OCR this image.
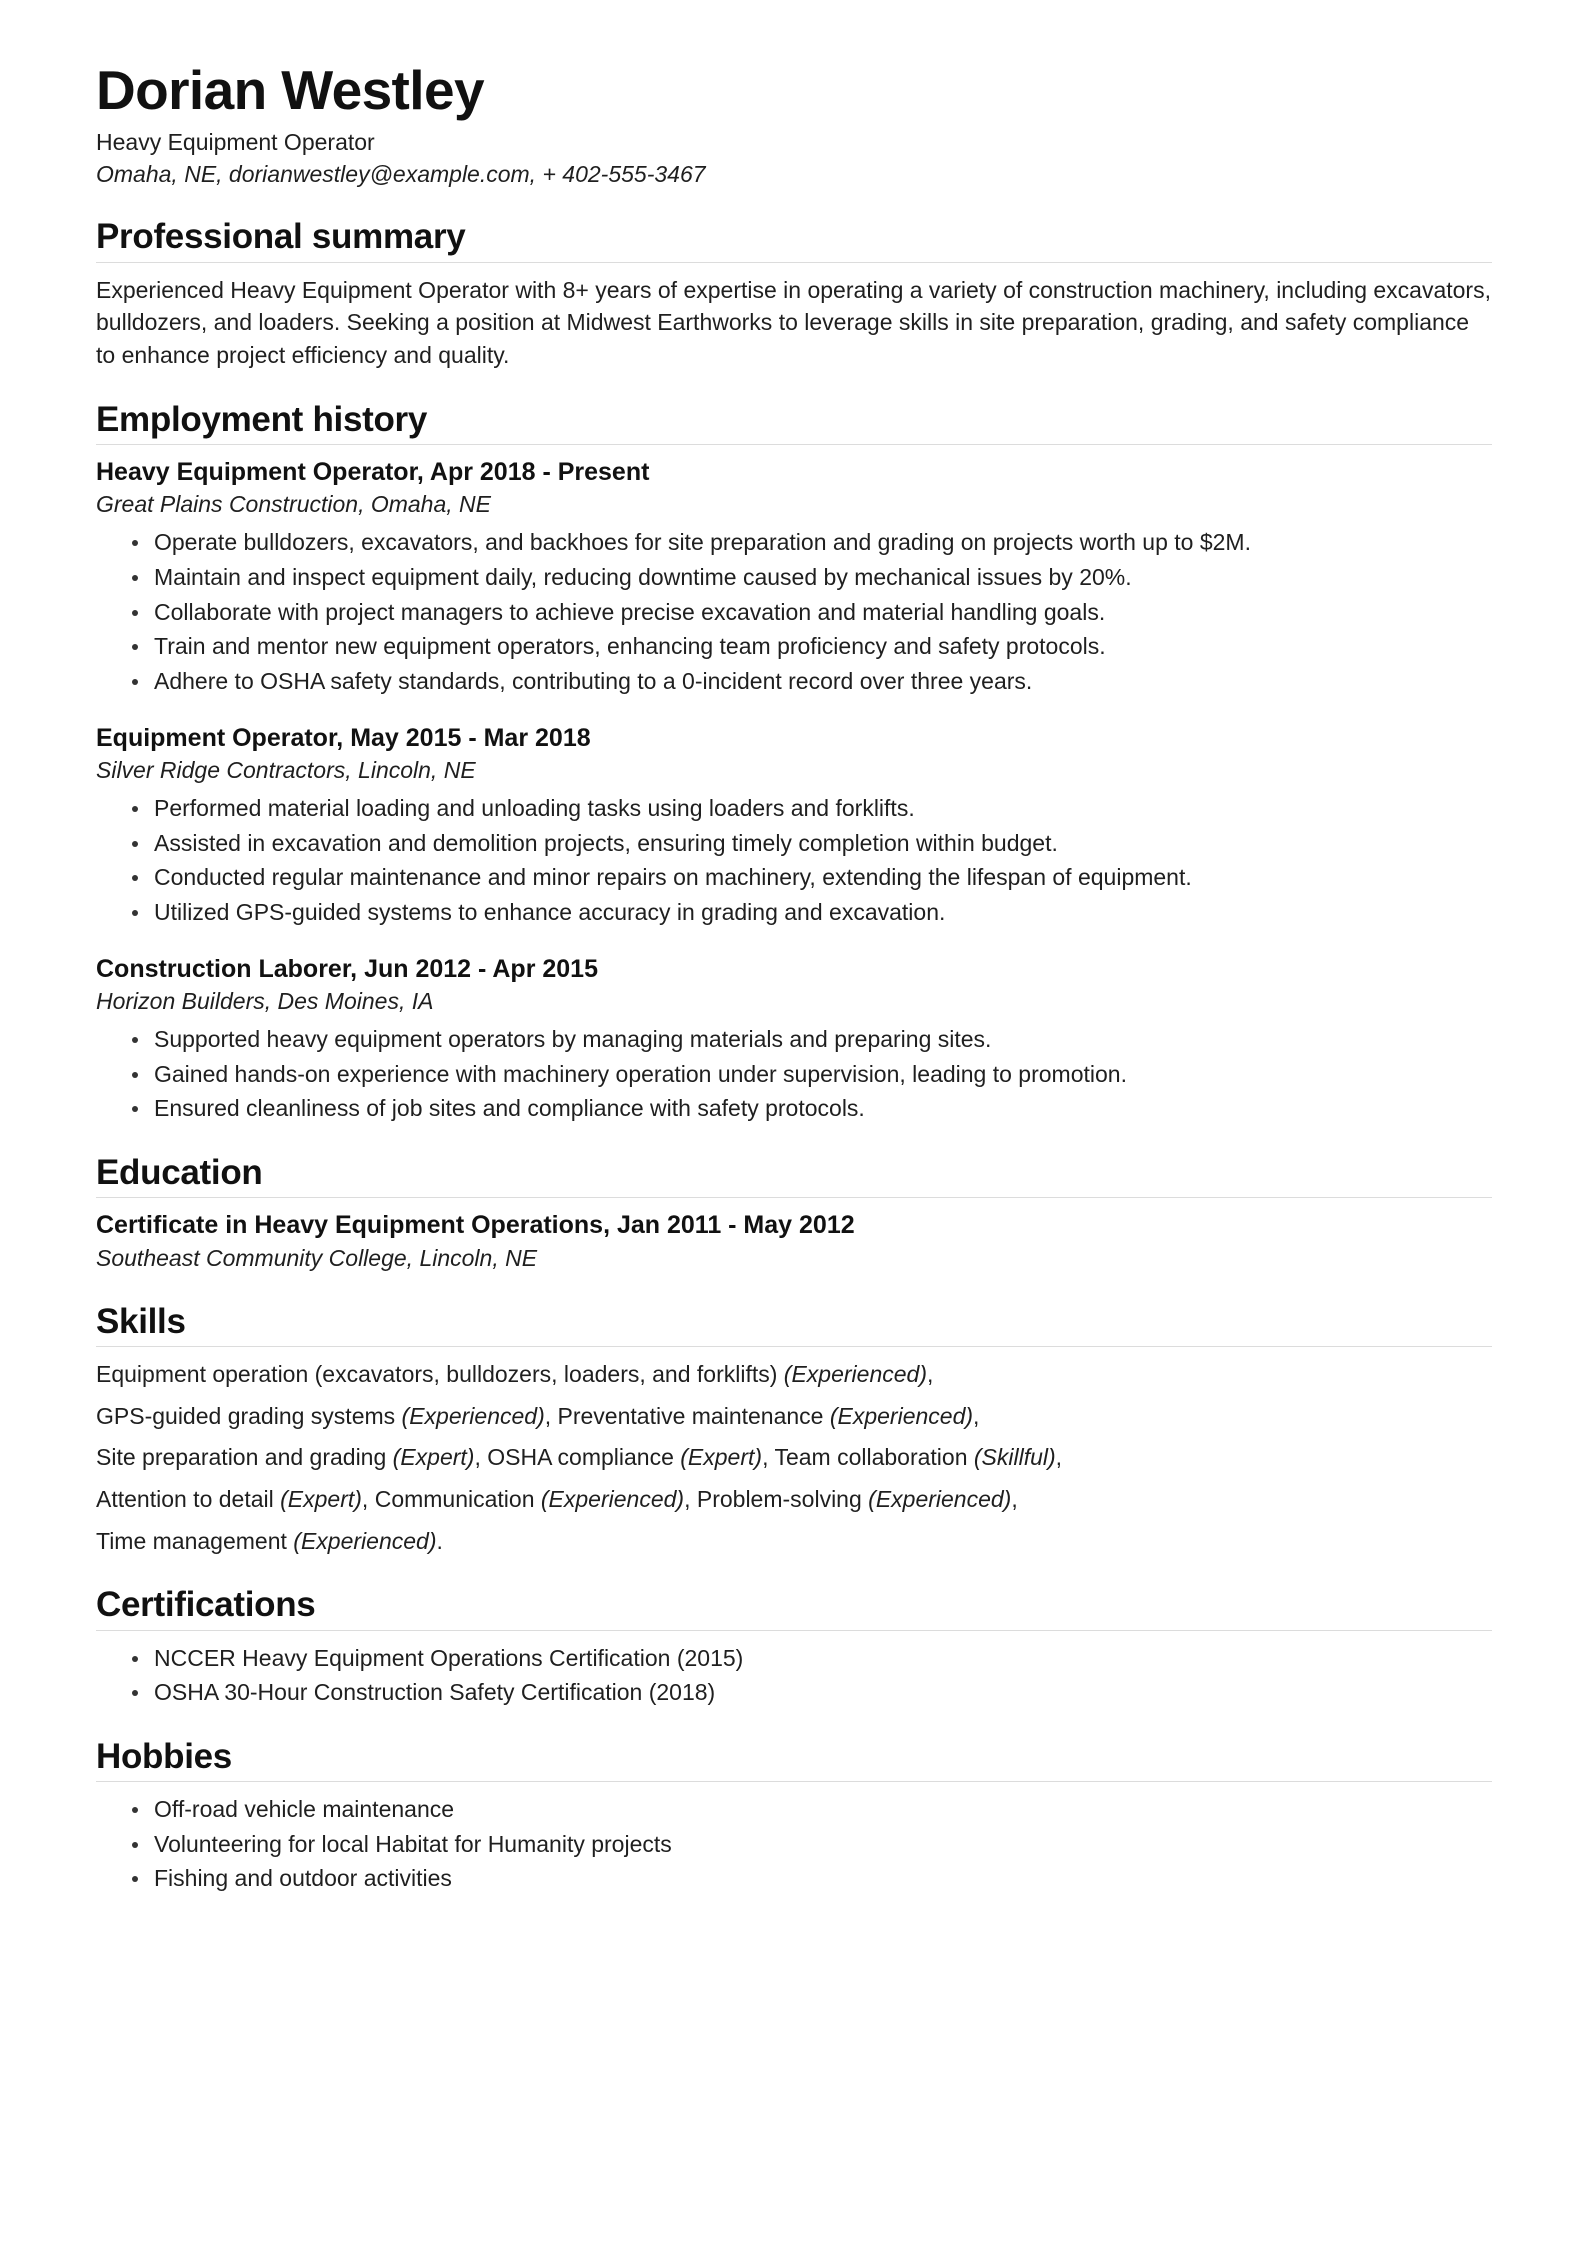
Dorian Westley
Heavy Equipment Operator
Omaha, NE, dorianwestley@example.com, + 402-555-3467
Professional summary

Experienced Heavy Equipment Operator with 8+ years of expertise in operating a variety of construction machinery, including excavators, bulldozers, and loaders. Seeking a position at Midwest Earthworks to leverage skills in site preparation, grading, and safety compliance to enhance project efficiency and quality.

Employment history
Heavy Equipment Operator, Apr 2018 - Present
Great Plains Construction, Omaha, NE
Operate bulldozers, excavators, and backhoes for site preparation and grading on projects worth up to $2M.
Maintain and inspect equipment daily, reducing downtime caused by mechanical issues by 20%.
Collaborate with project managers to achieve precise excavation and material handling goals.
Train and mentor new equipment operators, enhancing team proficiency and safety protocols.
Adhere to OSHA safety standards, contributing to a 0-incident record over three years.
Equipment Operator, May 2015 - Mar 2018
Silver Ridge Contractors, Lincoln, NE
Performed material loading and unloading tasks using loaders and forklifts.
Assisted in excavation and demolition projects, ensuring timely completion within budget.
Conducted regular maintenance and minor repairs on machinery, extending the lifespan of equipment.
Utilized GPS-guided systems to enhance accuracy in grading and excavation.
Construction Laborer, Jun 2012 - Apr 2015
Horizon Builders, Des Moines, IA
Supported heavy equipment operators by managing materials and preparing sites.
Gained hands-on experience with machinery operation under supervision, leading to promotion.
Ensured cleanliness of job sites and compliance with safety protocols.
Education
Certificate in Heavy Equipment Operations, Jan 2011 - May 2012
Southeast Community College, Lincoln, NE
Skills
Equipment operation (excavators, bulldozers, loaders, and forklifts) (Experienced),
GPS-guided grading systems (Experienced), Preventative maintenance (Experienced),
Site preparation and grading (Expert), OSHA compliance (Expert), Team collaboration (Skillful),
Attention to detail (Expert), Communication (Experienced), Problem-solving (Experienced),
Time management (Experienced).
Certifications
NCCER Heavy Equipment Operations Certification (2015)
OSHA 30-Hour Construction Safety Certification (2018)
Hobbies
Off-road vehicle maintenance
Volunteering for local Habitat for Humanity projects
Fishing and outdoor activities
